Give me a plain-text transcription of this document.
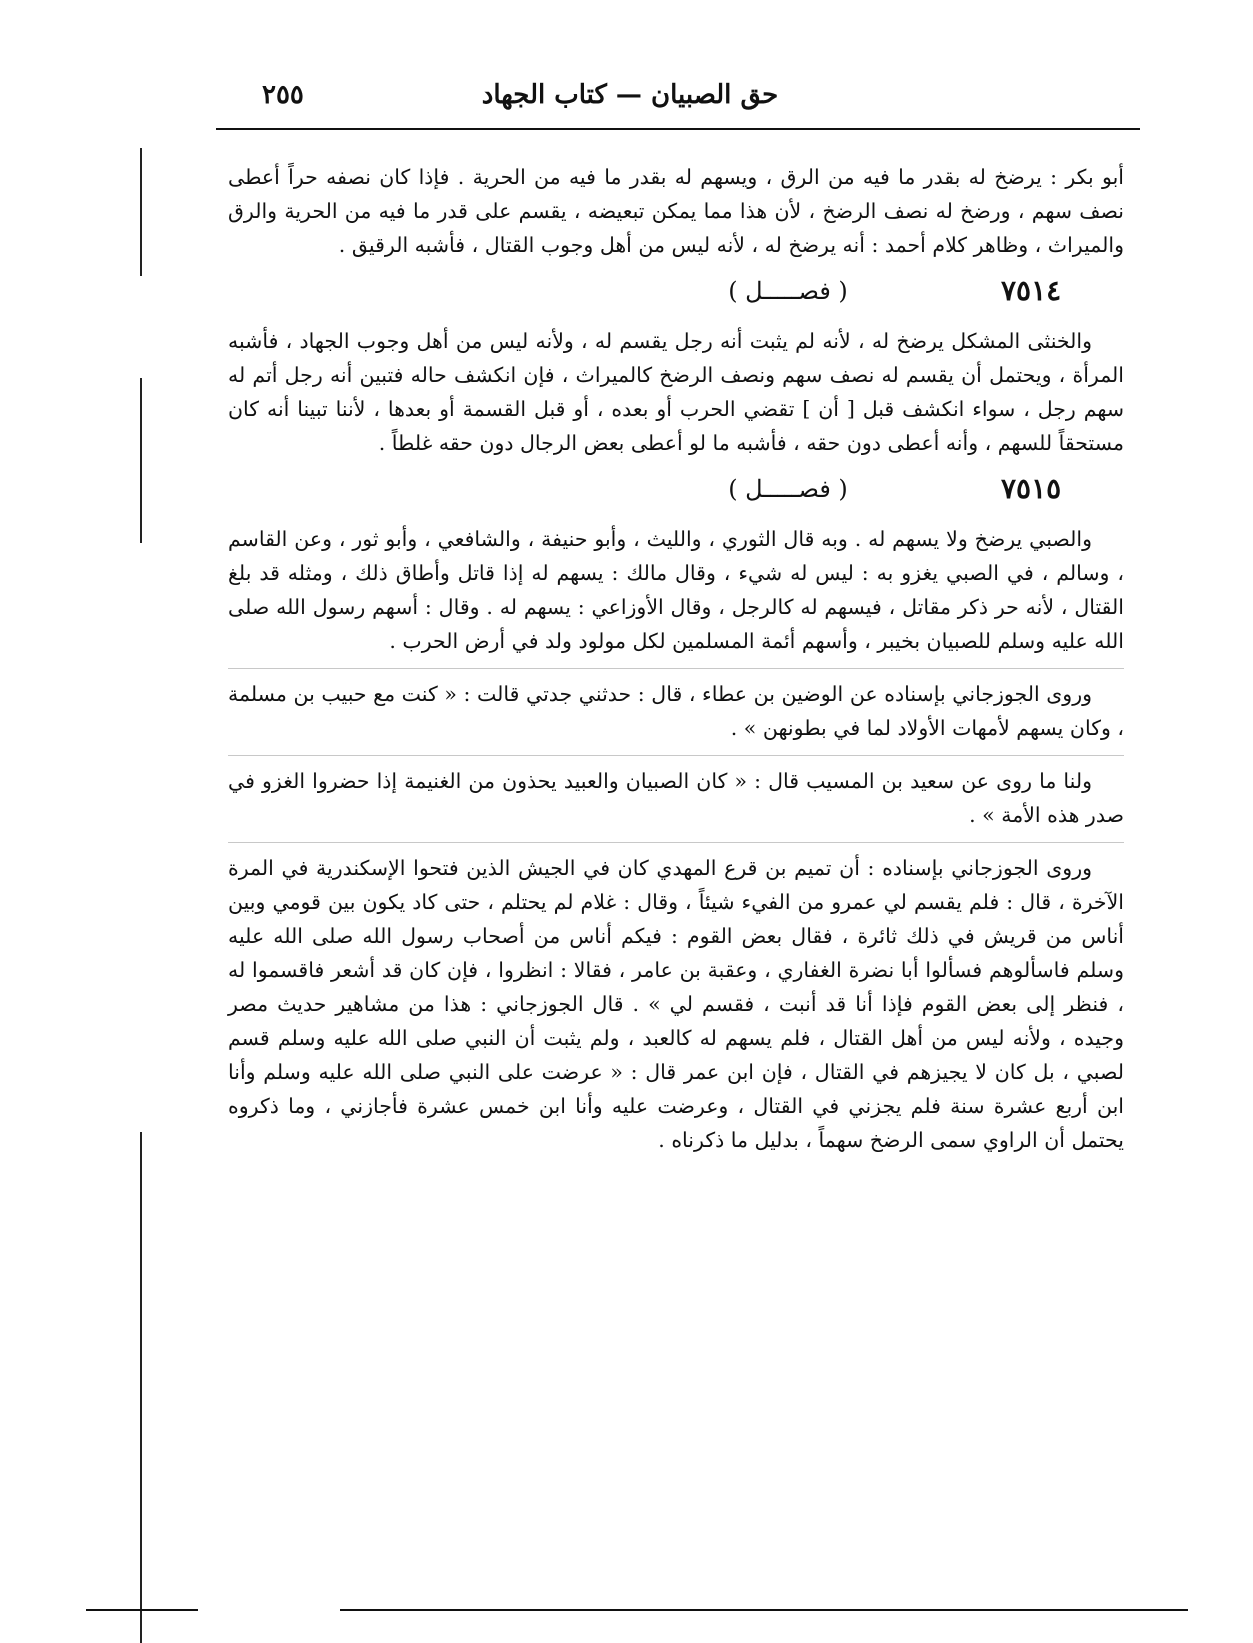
٢٥٥	حق الصبيان — كتاب الجهاد

أبو بكر : يرضخ له بقدر ما فيه من الرق ، ويسهم له بقدر ما فيه من الحرية . فإذا كان نصفه حراً أعطى نصف سهم ، ورضخ له نصف الرضخ ، لأن هذا مما يمكن تبعيضه ، يقسم على قدر ما فيه من الحرية والرق والميراث ، وظاهر كلام أحمد : أنه يرضخ له ، لأنه ليس من أهل وجوب القتال ، فأشبه الرقيق .

٧٥١٤
( فصـــــل )

والخنثى المشكل يرضخ له ، لأنه لم يثبت أنه رجل يقسم له ، ولأنه ليس من أهل وجوب الجهاد ، فأشبه المرأة ، ويحتمل أن يقسم له نصف سهم ونصف الرضخ كالميراث ، فإن انكشف حاله فتبين أنه رجل أتم له سهم رجل ، سواء انكشف قبل [ أن ] تقضي الحرب أو بعده ، أو قبل القسمة أو بعدها ، لأننا تبينا أنه كان مستحقاً للسهم ، وأنه أعطى دون حقه ، فأشبه ما لو أعطى بعض الرجال دون حقه غلطاً .

٧٥١٥
( فصـــــل )

والصبي يرضخ ولا يسهم له . وبه قال الثوري ، والليث ، وأبو حنيفة ، والشافعي ، وأبو ثور ، وعن القاسم ، وسالم ، في الصبي يغزو به : ليس له شيء ، وقال مالك : يسهم له إذا قاتل وأطاق ذلك ، ومثله قد بلغ القتال ، لأنه حر ذكر مقاتل ، فيسهم له كالرجل ، وقال الأوزاعي : يسهم له . وقال : أسهم رسول الله صلى الله عليه وسلم للصبيان بخيبر ، وأسهم أئمة المسلمين لكل مولود ولد في أرض الحرب .

وروى الجوزجاني بإسناده عن الوضين بن عطاء ، قال : حدثني جدتي قالت : « كنت مع حبيب بن مسلمة ، وكان يسهم لأمهات الأولاد لما في بطونهن » .

ولنا ما روى عن سعيد بن المسيب قال : « كان الصبيان والعبيد يحذون من الغنيمة إذا حضروا الغزو في صدر هذه الأمة » .

وروى الجوزجاني بإسناده : أن تميم بن قرع المهدي كان في الجيش الذين فتحوا الإسكندرية في المرة الآخرة ، قال : فلم يقسم لي عمرو من الفيء شيئاً ، وقال : غلام لم يحتلم ، حتى كاد يكون بين قومي وبين أناس من قريش في ذلك ثائرة ، فقال بعض القوم : فيكم أناس من أصحاب رسول الله صلى الله عليه وسلم فاسألوهم فسألوا أبا نضرة الغفاري ، وعقبة بن عامر ، فقالا : انظروا ، فإن كان قد أشعر فاقسموا له ، فنظر إلى بعض القوم فإذا أنا قد أنبت ، فقسم لي » . قال الجوزجاني : هذا من مشاهير حديث مصر وجيده ، ولأنه ليس من أهل القتال ، فلم يسهم له كالعبد ، ولم يثبت أن النبي صلى الله عليه وسلم قسم لصبي ، بل كان لا يجيزهم في القتال ، فإن ابن عمر قال : « عرضت على النبي صلى الله عليه وسلم وأنا ابن أربع عشرة سنة فلم يجزني في القتال ، وعرضت عليه وأنا ابن خمس عشرة فأجازني ، وما ذكروه يحتمل أن الراوي سمى الرضخ سهماً ، بدليل ما ذكرناه .
